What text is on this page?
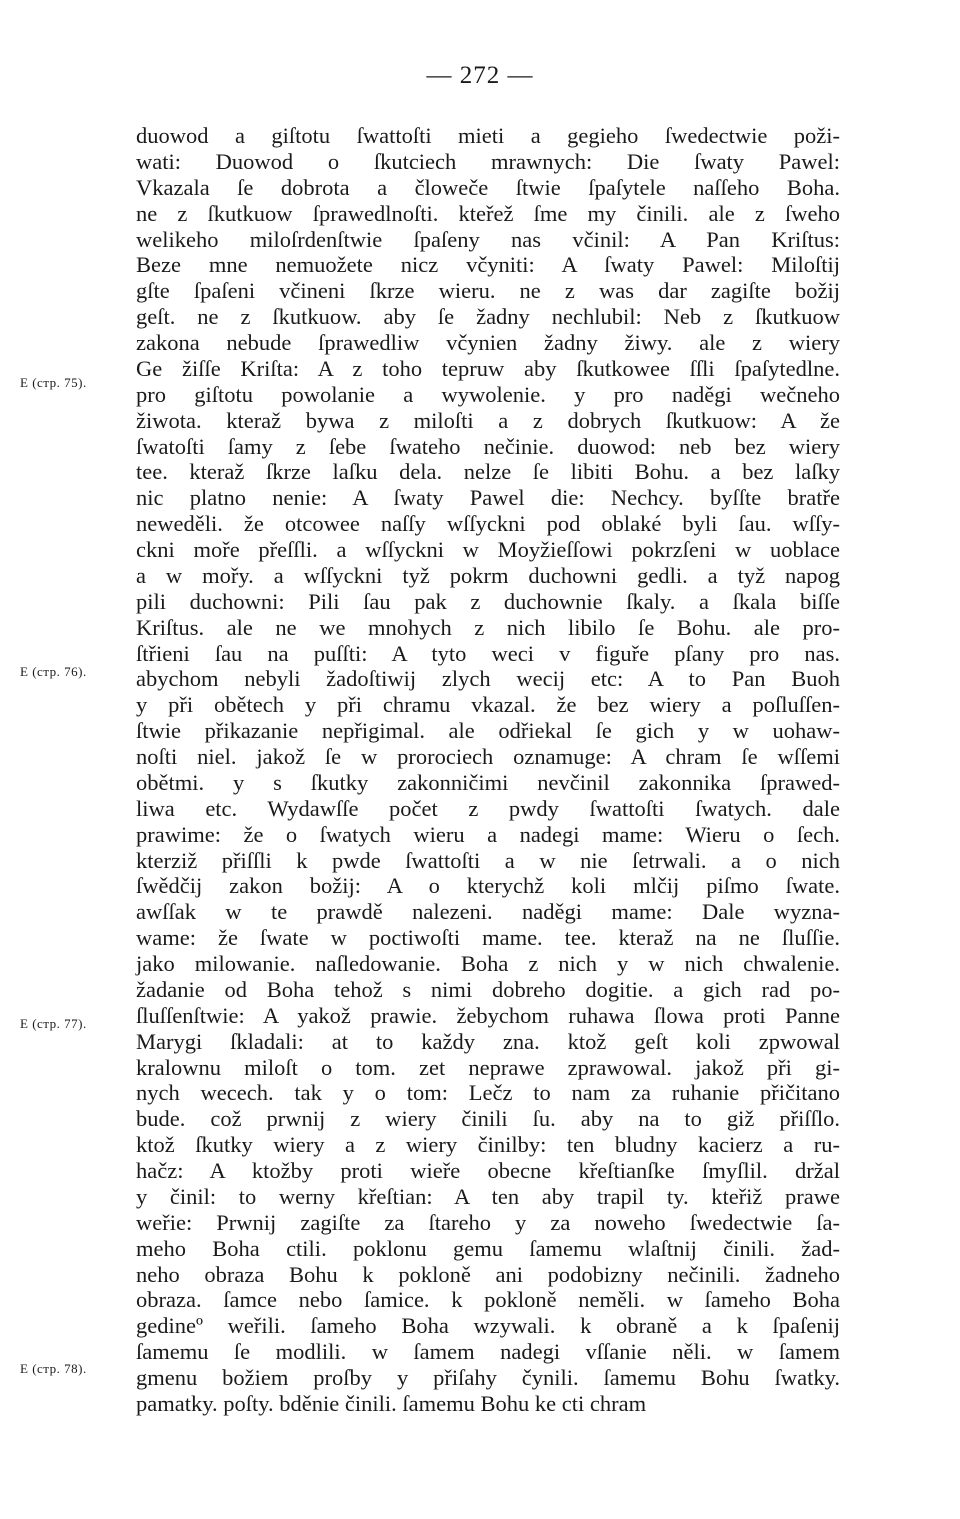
— 272 —
E (стр. 78).
E (стр. 77).
E (стр. 76).
E (стр. 75).
duowod a giſtotu ſwattoſti mieti a gegieho ſwedectwie poži-
wati: Duowod o ſkutciech mrawnych: Die ſwaty Pawel:
Vkazala ſe dobrota a čloweče ſtwie ſpaſytele naſſeho Boha.
ne z ſkutkuow ſprawedlnoſti. kteřež ſme my činili. ale z ſweho
welikeho miloſrdenſtwie ſpaſeny nas včinil: A Pan Kriſtus:
Beze mne nemuožete nicz včyniti: A ſwaty Pawel: Miloſtij
gſte ſpaſeni včineni ſkrze wieru. ne z was dar zagiſte božij
geſt. ne z ſkutkuow. aby ſe žadny nechlubil: Neb z ſkutkuow
zakona nebude ſprawedliw včynien žadny žiwy. ale z wiery
Ge žiſſe Kriſta: A z toho tepruw aby ſkutkowee ſſli ſpaſytedlne.
pro giſtotu powolanie a wywolenie. y pro naděgi wečneho
žiwota. kteraž bywa z miloſti a z dobrych ſkutkuow: A že
ſwatoſti ſamy z ſebe ſwateho nečinie. duowod: neb bez wiery
tee. kteraž ſkrze laſku dela. nelze ſe libiti Bohu. a bez laſky
nic platno nenie: A ſwaty Pawel die: Nechcy. byſſte bratře
neweděli. že otcowee naſſy wſſyckni pod oblaké byli ſau. wſſy-
ckni moře přeſſli. a wſſyckni w Moyžieſſowi pokrzſeni w uoblace
a w mořy. a wſſyckni tyž pokrm duchowni gedli. a tyž napog
pili duchowni: Pili ſau pak z duchownie ſkaly. a ſkala biſſe
Kriſtus. ale ne we mnohych z nich libilo ſe Bohu. ale pro-
ſtřieni ſau na puſſti: A tyto weci v figuře pſany pro nas.
abychom nebyli žadoſtiwij zlych wecij etc: A to Pan Buoh
y při obětech y při chramu vkazal. že bez wiery a poſluſſen-
ſtwie přikazanie nepřigimal. ale odřiekal ſe gich y w uohaw-
noſti niel. jakož ſe w prorociech oznamuge: A chram ſe wſſemi
obětmi. y s ſkutky zakonničimi nevčinil zakonnika ſprawed-
liwa etc. Wydawſſe počet z pwdy ſwattoſti ſwatych. dale
prawime: že o ſwatych wieru a nadegi mame: Wieru o ſech.
kterziž přiſſli k pwde ſwattoſti a w nie ſetrwali. a o nich
ſwědčij zakon božij: A o kterychž koli mlčij piſmo ſwate.
awſſak w te prawdě nalezeni. naděgi mame: Dale wyzna-
wame: že ſwate w poctiwoſti mame. tee. kteraž na ne ſluſſie.
jako milowanie. naſledowanie. Boha z nich y w nich chwalenie.
žadanie od Boha tehož s nimi dobreho dogitie. a gich rad po-
ſluſſenſtwie: A yakož prawie. žebychom ruhawa ſlowa proti Panne
Marygi ſkladali: at to každy zna. ktož geſt koli zpwowal
kralownu miloſt o tom. zet neprawe zprawowal. jakož při gi-
nych wecech. tak y o tom: Lečz to nam za ruhanie přičitano
bude. což prwnij z wiery činili ſu. aby na to giž přiſſlo.
ktož ſkutky wiery a z wiery činilby: ten bludny kacierz a ru-
hačz: A ktožby proti wieře obecne křeſtianſke ſmyſlil. držal
y činil: to werny křeſtian: A ten aby trapil ty. kteřiž prawe
weřie: Prwnij zagiſte za ſtareho y za noweho ſwedectwie ſa-
meho Boha ctili. poklonu gemu ſamemu wlaſtnij činili. žad-
neho obraza Bohu k pokloně ani podobizny nečinili. žadneho
obraza. ſamce nebo ſamice. k pokloně neměli. w ſameho Boha
gedineº weřili. ſameho Boha wzywali. k obraně a k ſpaſenij
ſamemu ſe modlili. w ſamem nadegi vſſanie něli. w ſamem
gmenu božiem proſby y přiſahy čynili. ſamemu Bohu ſwatky.
pamatky. poſty. bděnie činili. ſamemu Bohu ke cti chram
